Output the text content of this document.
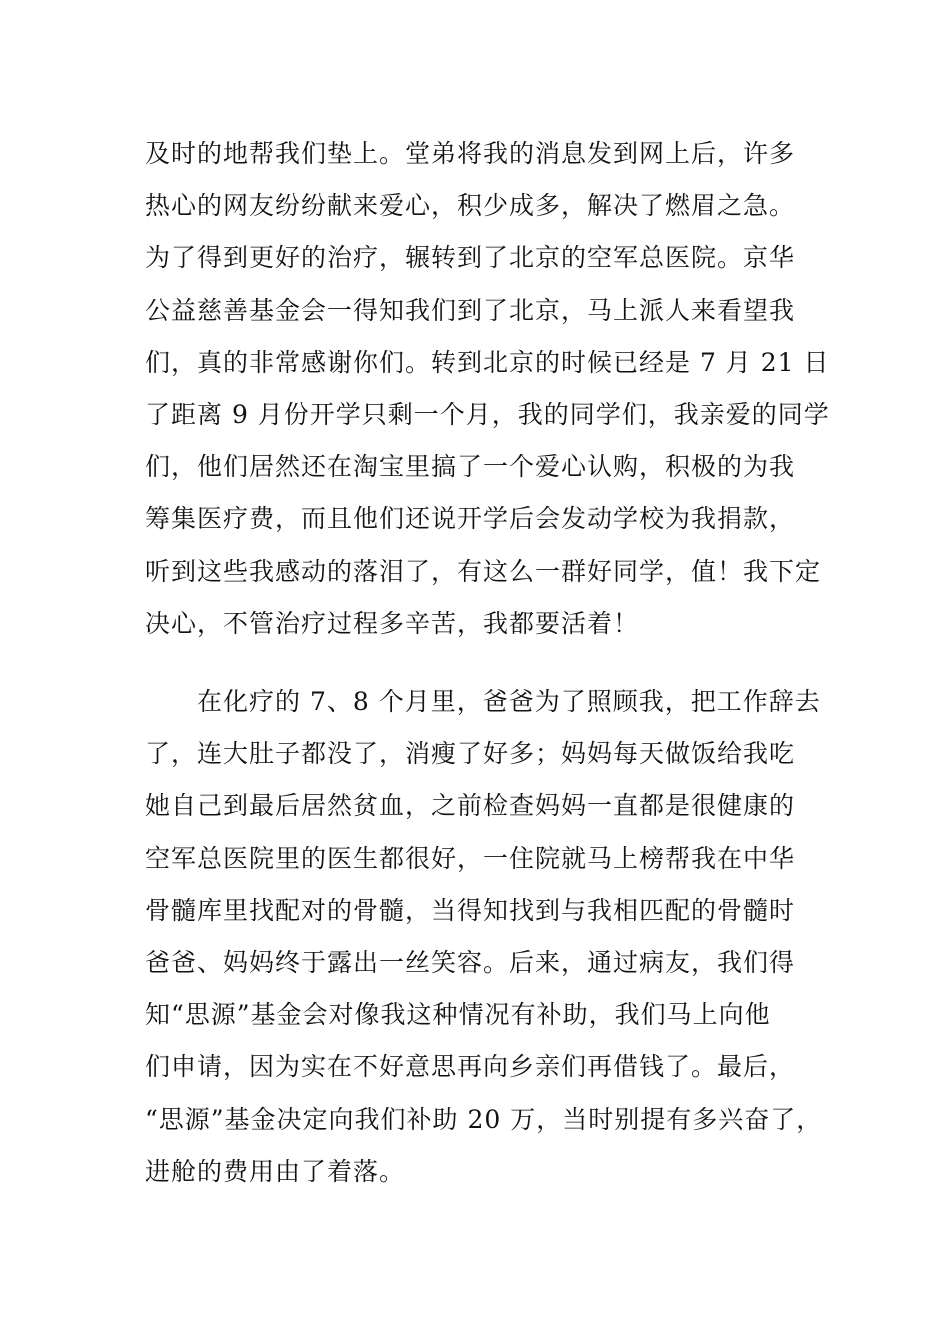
及时的地帮我们垫上。堂弟将我的消息发到网上后，许多
热心的网友纷纷献来爱心，积少成多，解决了燃眉之急。
为了得到更好的治疗，辗转到了北京的空军总医院。京华
公益慈善基金会一得知我们到了北京，马上派人来看望我
们，真的非常感谢你们。转到北京的时候已经是 7 月 21 日
了距离 9 月份开学只剩一个月，我的同学们，我亲爱的同学
们，他们居然还在淘宝里搞了一个爱心认购，积极的为我
筹集医疗费，而且他们还说开学后会发动学校为我捐款，
听到这些我感动的落泪了，有这么一群好同学，值！我下定
决心，不管治疗过程多辛苦，我都要活着！
　　在化疗的 7、8 个月里，爸爸为了照顾我，把工作辞去
了，连大肚子都没了，消瘦了好多；妈妈每天做饭给我吃
她自己到最后居然贫血，之前检查妈妈一直都是很健康的
空军总医院里的医生都很好，一住院就马上榜帮我在中华
骨髓库里找配对的骨髓，当得知找到与我相匹配的骨髓时
爸爸、妈妈终于露出一丝笑容。后来，通过病友，我们得
知“思源”基金会对像我这种情况有补助，我们马上向他
们申请，因为实在不好意思再向乡亲们再借钱了。最后，
“思源”基金决定向我们补助 20 万，当时别提有多兴奋了，
进舱的费用由了着落。
